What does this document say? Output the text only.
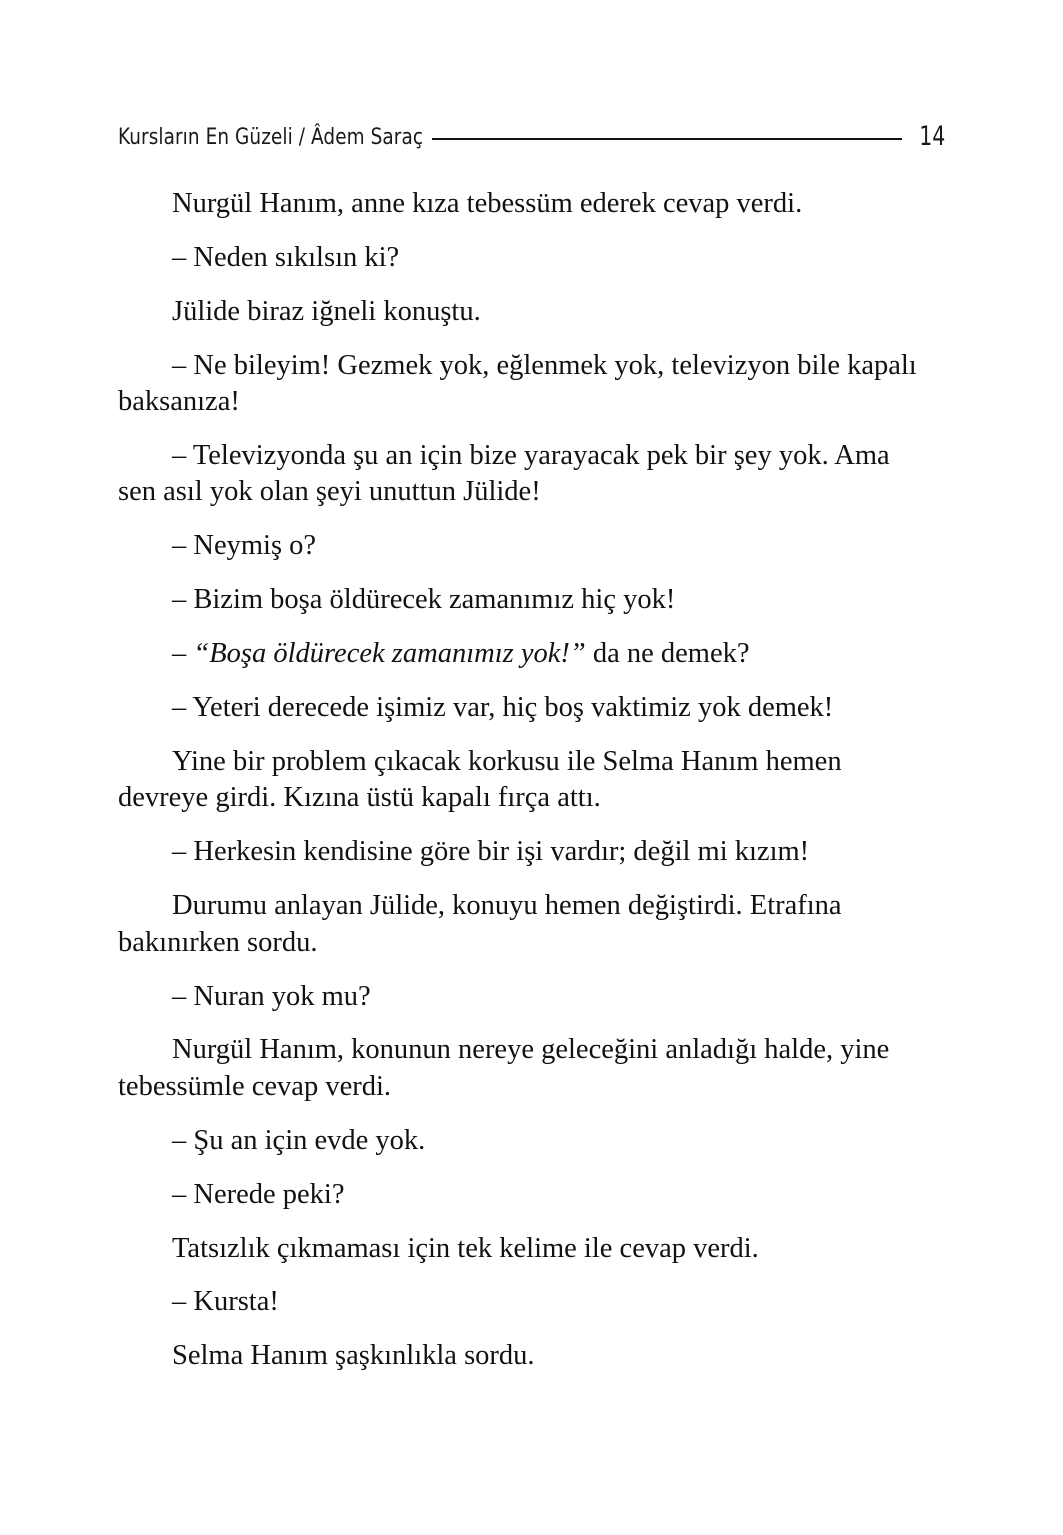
Kursların En Güzeli / Âdem Saraç	14

Nurgül Hanım, anne kıza tebessüm ederek cevap verdi.

– Neden sıkılsın ki?

Jülide biraz iğneli konuştu.

– Ne bileyim! Gezmek yok, eğlenmek yok, televizyon bile kapalı baksanıza!

– Televizyonda şu an için bize yarayacak pek bir şey yok. Ama sen asıl yok olan şeyi unuttun Jülide!

– Neymiş o?

– Bizim boşa öldürecek zamanımız hiç yok!

– “Boşa öldürecek zamanımız yok!” da ne demek?

– Yeteri derecede işimiz var, hiç boş vaktimiz yok demek!

Yine bir problem çıkacak korkusu ile Selma Hanım hemen devreye girdi. Kızına üstü kapalı fırça attı.

– Herkesin kendisine göre bir işi vardır; değil mi kızım!

Durumu anlayan Jülide, konuyu hemen değiştirdi. Etrafına bakınırken sordu.

– Nuran yok mu?

Nurgül Hanım, konunun nereye geleceğini anladığı halde, yine tebessümle cevap verdi.

– Şu an için evde yok.

– Nerede peki?

Tatsızlık çıkmaması için tek kelime ile cevap verdi.

– Kursta!

Selma Hanım şaşkınlıkla sordu.
